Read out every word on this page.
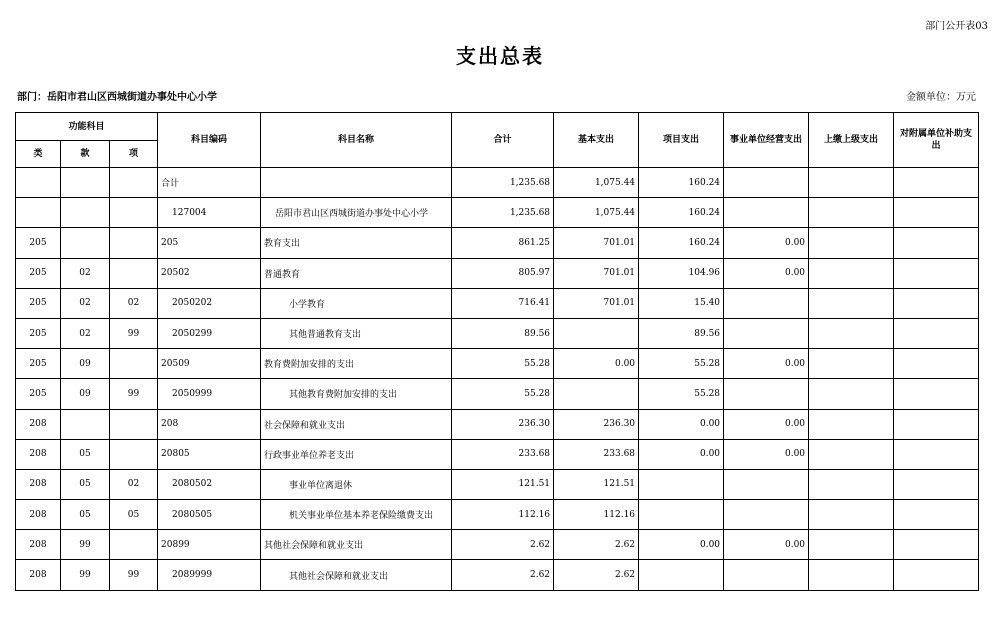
部门公开表03
支出总表
部门：岳阳市君山区西城街道办事处中心小学	金额单位：万元
功能科目			科目编码	科目名称	合计	基本支出	项目支出	事业单位经营支出	上缴上级支出	对附属单位补助支出
类	款	项								
			合计		1,235.68	1,075.44	160.24			
			127004	岳阳市君山区西城街道办事处中心小学	1,235.68	1,075.44	160.24			
205			205	教育支出	861.25	701.01	160.24	0.00		
205	02		20502	普通教育	805.97	701.01	104.96	0.00		
205	02	02	2050202	小学教育	716.41	701.01	15.40			
205	02	99	2050299	其他普通教育支出	89.56		89.56			
205	09		20509	教育费附加安排的支出	55.28	0.00	55.28	0.00		
205	09	99	2050999	其他教育费附加安排的支出	55.28		55.28			
208			208	社会保障和就业支出	236.30	236.30	0.00	0.00		
208	05		20805	行政事业单位养老支出	233.68	233.68	0.00	0.00		
208	05	02	2080502	事业单位离退休	121.51	121.51				
208	05	05	2080505	机关事业单位基本养老保险缴费支出	112.16	112.16				
208	99		20899	其他社会保障和就业支出	2.62	2.62	0.00	0.00		
208	99	99	2089999	其他社会保障和就业支出	2.62	2.62				
